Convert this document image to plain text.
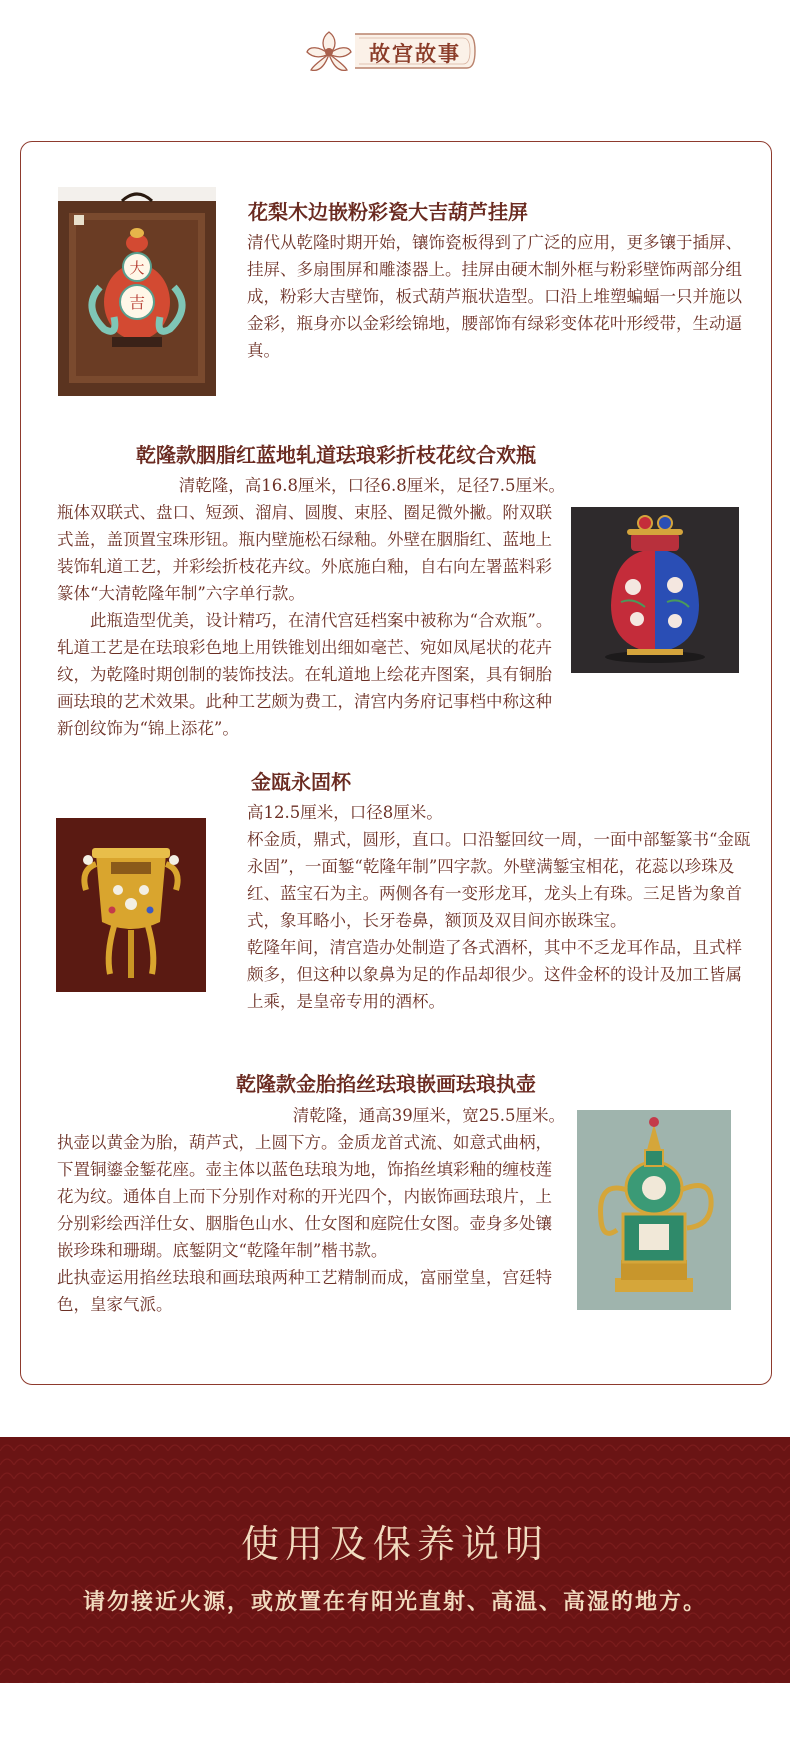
故宫故事
大
吉
花梨木边嵌粉彩瓷大吉葫芦挂屏

清代从乾隆时期开始，镶饰瓷板得到了广泛的应用，更多镶于插屏、挂屏、多扇围屏和雕漆器上。挂屏由硬木制外框与粉彩壁饰两部分组成，粉彩大吉壁饰，板式葫芦瓶状造型。口沿上堆塑蝙蝠一只并施以金彩，瓶身亦以金彩绘锦地，腰部饰有绿彩变体花叶形绶带，生动逼真。

乾隆款胭脂红蓝地轧道珐琅彩折枝花纹合欢瓶

清乾隆，高16.8厘米，口径6.8厘米，足径7.5厘米。

瓶体双联式、盘口、短颈、溜肩、圆腹、束胫、圈足微外撇。附双联式盖，盖顶置宝珠形钮。瓶内壁施松石绿釉。外壁在胭脂红、蓝地上装饰轧道工艺，并彩绘折枝花卉纹。外底施白釉，自右向左署蓝料彩篆体“大清乾隆年制”六字单行款。

此瓶造型优美，设计精巧，在清代宫廷档案中被称为“合欢瓶”。轧道工艺是在珐琅彩色地上用铁锥划出细如毫芒、宛如凤尾状的花卉纹，为乾隆时期创制的装饰技法。在轧道地上绘花卉图案，具有铜胎画珐琅的艺术效果。此种工艺颇为费工，清宫内务府记事档中称这种新创纹饰为“锦上添花”。

金瓯永固杯

高12.5厘米，口径8厘米。

杯金质，鼎式，圆形，直口。口沿錾回纹一周，一面中部錾篆书“金瓯永固”，一面錾“乾隆年制”四字款。外壁满錾宝相花，花蕊以珍珠及红、蓝宝石为主。两侧各有一变形龙耳，龙头上有珠。三足皆为象首式，象耳略小，长牙卷鼻，额顶及双目间亦嵌珠宝。

乾隆年间，清宫造办处制造了各式酒杯，其中不乏龙耳作品，且式样颇多，但这种以象鼻为足的作品却很少。这件金杯的设计及加工皆属上乘，是皇帝专用的酒杯。

乾隆款金胎掐丝珐琅嵌画珐琅执壶

清乾隆，通高39厘米，宽25.5厘米。

执壶以黄金为胎，葫芦式，上圆下方。金质龙首式流、如意式曲柄，下置铜鎏金錾花座。壶主体以蓝色珐琅为地，饰掐丝填彩釉的缠枝莲花为纹。通体自上而下分别作对称的开光四个，内嵌饰画珐琅片，上分别彩绘西洋仕女、胭脂色山水、仕女图和庭院仕女图。壶身多处镶嵌珍珠和珊瑚。底錾阴文“乾隆年制”楷书款。

此执壶运用掐丝珐琅和画珐琅两种工艺精制而成，富丽堂皇，宫廷特色，皇家气派。

使用及保养说明
请勿接近火源，或放置在有阳光直射、高温、高湿的地方。
